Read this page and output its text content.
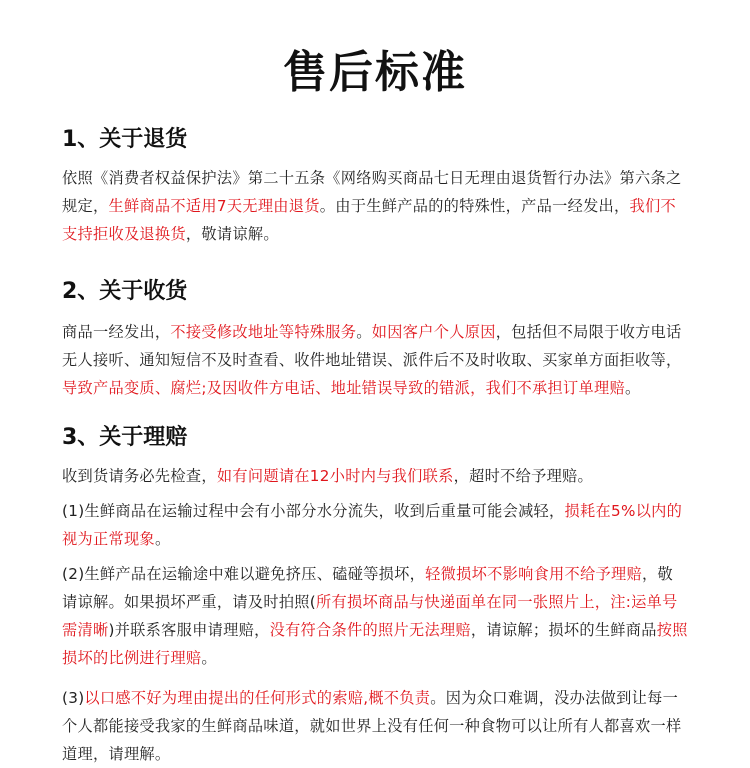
售后标准
1、关于退货

依照《消费者权益保护法》第二十五条《网络购买商品七日无理由退货暂行办法》第六条之规定，生鲜商品不适用7天无理由退货。由于生鲜产品的的特殊性，产品一经发出，我们不支持拒收及退换货，敬请谅解。

2、关于收货

商品一经发出，不接受修改地址等特殊服务。如因客户个人原因，包括但不局限于收方电话无人接听、通知短信不及时查看、收件地址错误、派件后不及时收取、买家单方面拒收等，导致产品变质、腐烂;及因收件方电话、地址错误导致的错派，我们不承担订单理赔。

3、关于理赔

收到货请务必先检查，如有问题请在12小时内与我们联系，超时不给予理赔。

(1)生鲜商品在运输过程中会有小部分水分流失，收到后重量可能会减轻，损耗在5%以内的视为正常现象。

(2)生鲜产品在运输途中难以避免挤压、磕碰等损坏，轻微损坏不影响食用不给予理赔，敬请谅解。如果损坏严重，请及时拍照(所有损坏商品与快递面单在同一张照片上，注:运单号需清晰)并联系客服申请理赔，没有符合条件的照片无法理赔，请谅解；损坏的生鲜商品按照损坏的比例进行理赔。

(3)以口感不好为理由提出的任何形式的索赔,概不负责。因为众口难调，没办法做到让每一个人都能接受我家的生鲜商品味道，就如世界上没有任何一种食物可以让所有人都喜欢一样道理，请理解。
